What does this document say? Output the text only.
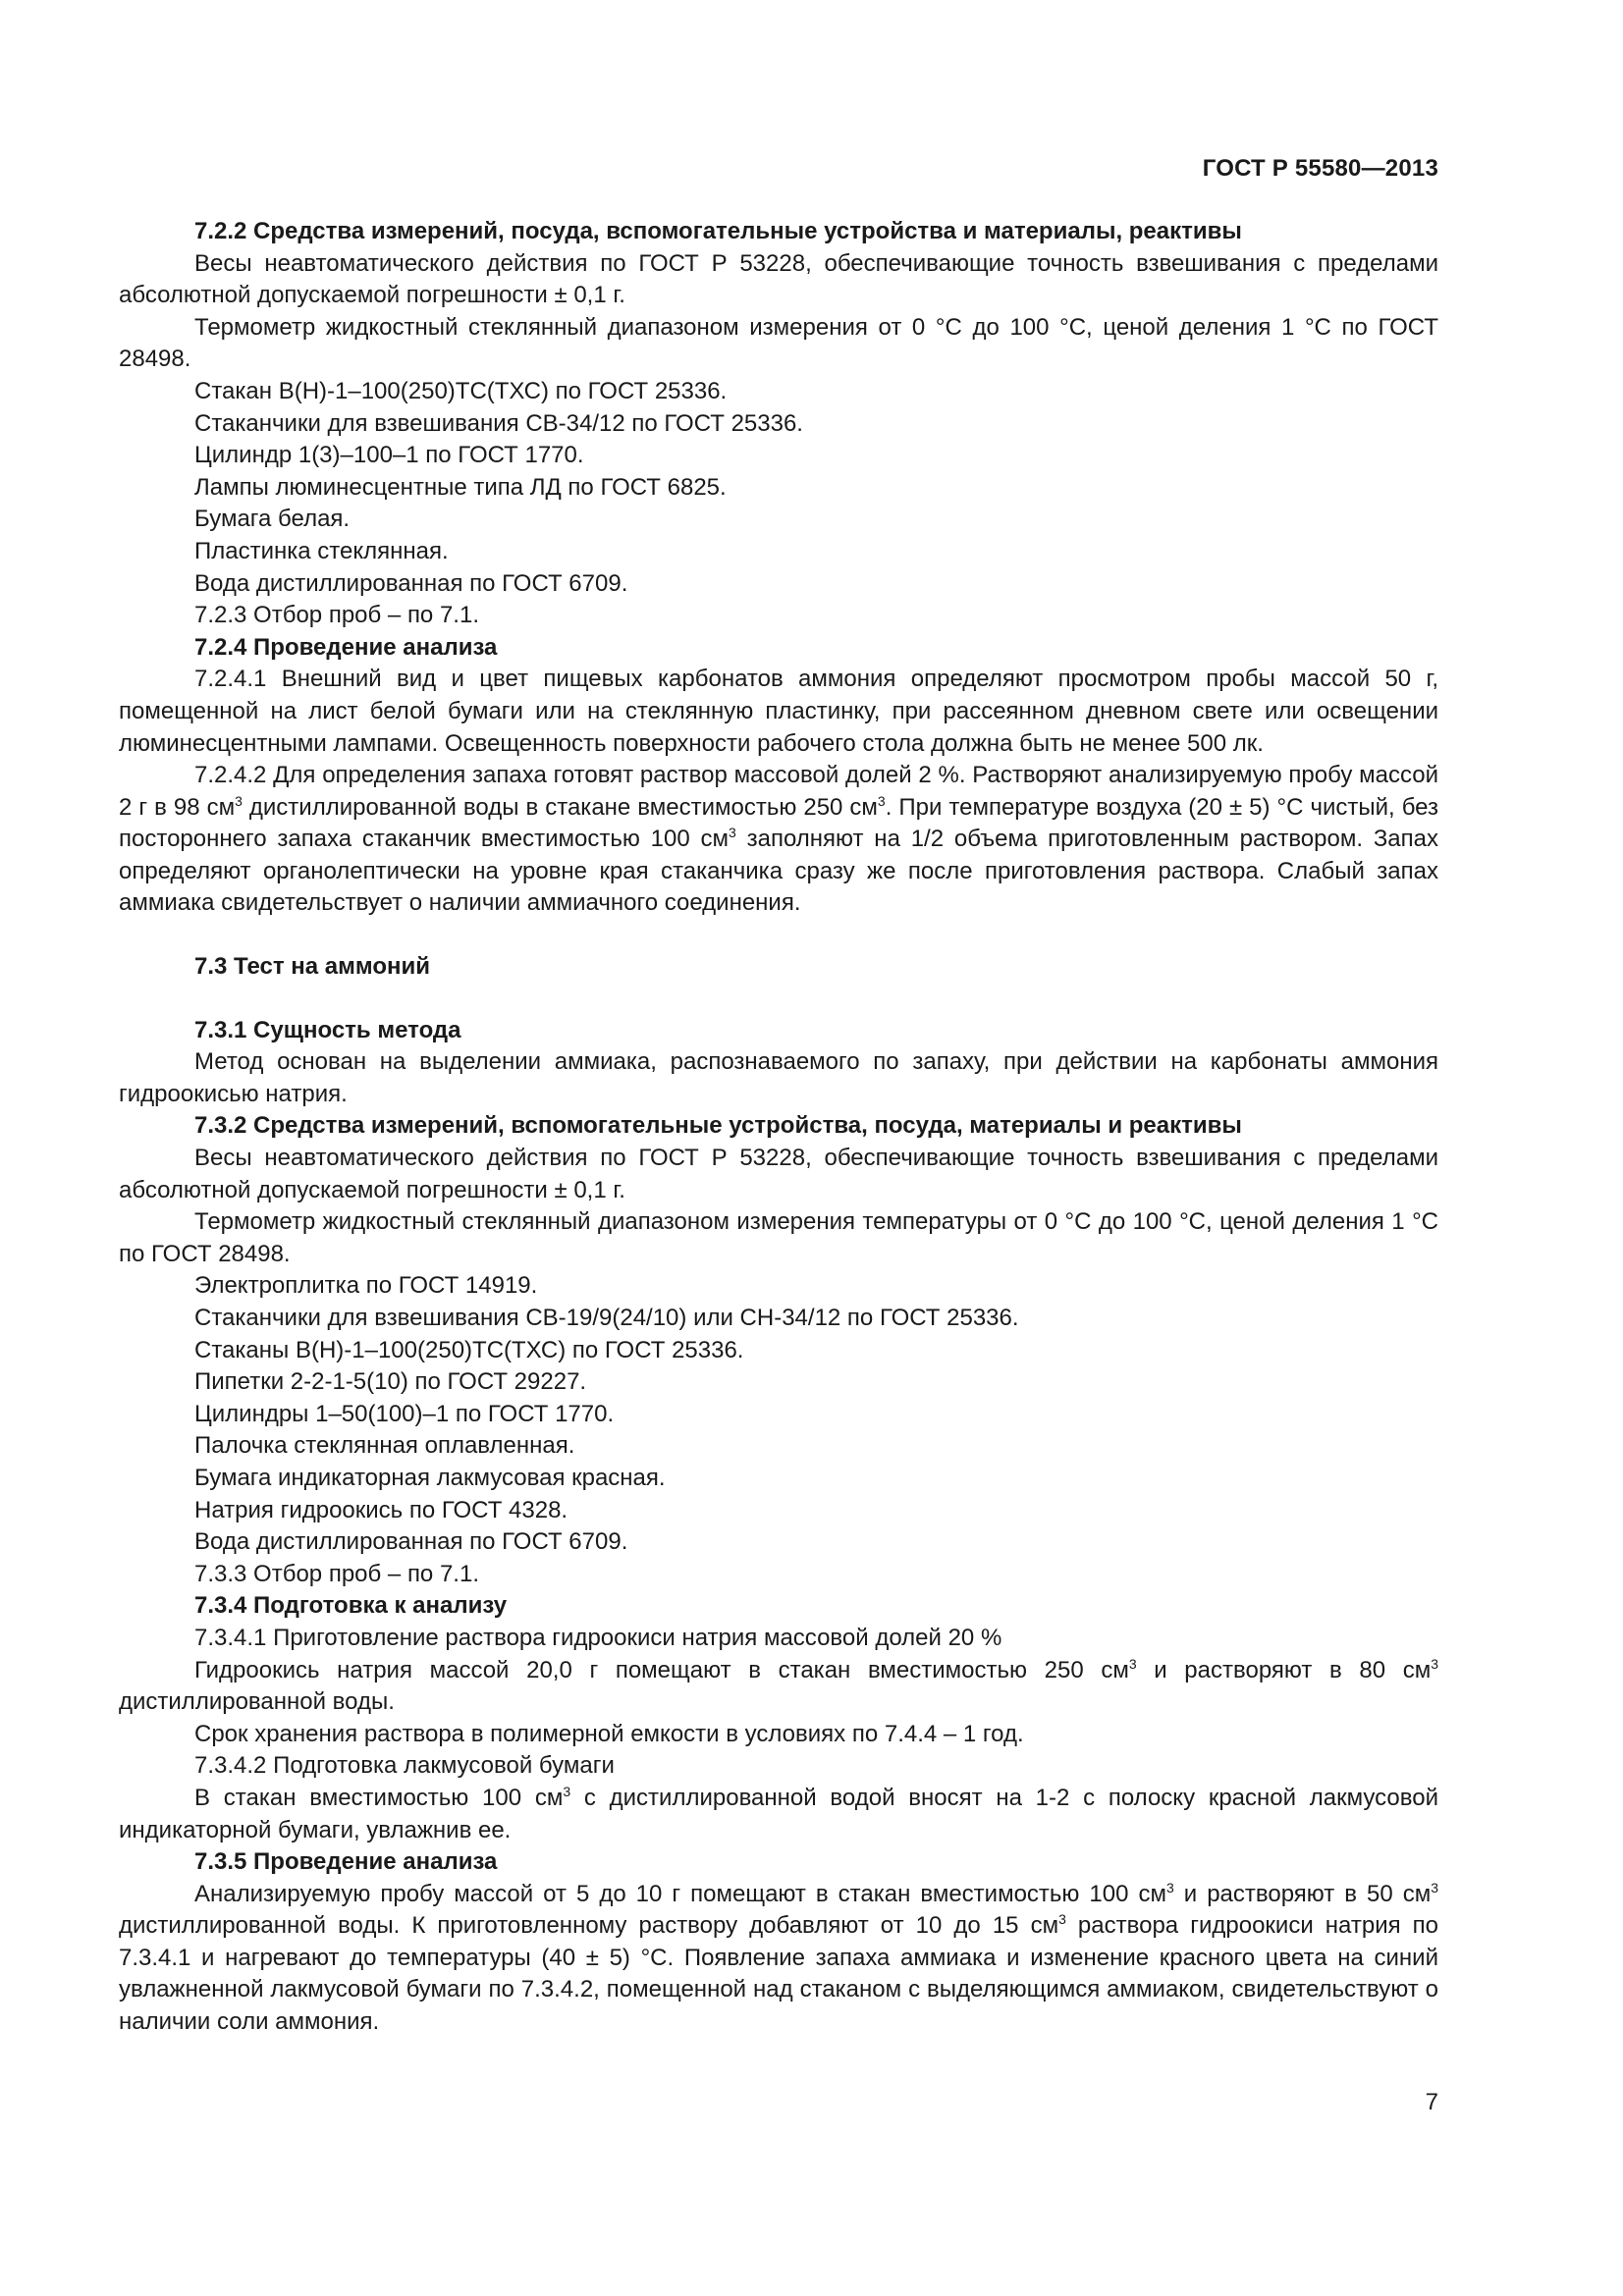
ГОСТ Р 55580—2013

7.2.2 Средства измерений, посуда, вспомогательные устройства и материалы, реактивы

Весы неавтоматического действия по ГОСТ Р 53228, обеспечивающие точность взвешивания с пределами абсолютной допускаемой погрешности ± 0,1 г.

Термометр жидкостный стеклянный диапазоном измерения от 0 °С до 100 °С, ценой деления 1 °С по ГОСТ 28498.

Стакан В(Н)-1–100(250)ТС(ТХС) по ГОСТ 25336.

Стаканчики для взвешивания СВ-34/12 по ГОСТ 25336.

Цилиндр 1(3)–100–1 по ГОСТ 1770.

Лампы люминесцентные типа ЛД по ГОСТ 6825.

Бумага белая.

Пластинка стеклянная.

Вода дистиллированная по ГОСТ 6709.

7.2.3 Отбор проб – по 7.1.

7.2.4 Проведение анализа

7.2.4.1 Внешний вид и цвет пищевых карбонатов аммония определяют просмотром пробы массой 50 г, помещенной на лист белой бумаги или на стеклянную пластинку, при рассеянном дневном свете или освещении люминесцентными лампами. Освещенность поверхности рабочего стола должна быть не менее 500 лк.

7.2.4.2 Для определения запаха готовят раствор массовой долей 2 %. Растворяют анализируемую пробу массой 2 г в 98 $см^3$ дистиллированной воды в стакане вместимостью 250 $см^3$. При температуре воздуха (20 ± 5) °С чистый, без постороннего запаха стаканчик вместимостью 100 $см^3$ заполняют на 1/2 объема приготовленным раствором. Запах определяют органолептически на уровне края стаканчика сразу же после приготовления раствора. Слабый запах аммиака свидетельствует о наличии аммиачного соединения.

7.3 Тест на аммоний

7.3.1 Сущность метода

Метод основан на выделении аммиака, распознаваемого по запаху, при действии на карбонаты аммония гидроокисью натрия.

7.3.2 Средства измерений, вспомогательные устройства, посуда, материалы и реактивы

Весы неавтоматического действия по ГОСТ Р 53228, обеспечивающие точность взвешивания с пределами абсолютной допускаемой погрешности ± 0,1 г.

Термометр жидкостный стеклянный диапазоном измерения температуры от 0 °С до 100 °С, ценой деления 1 °С по ГОСТ 28498.

Электроплитка по ГОСТ 14919.

Стаканчики для взвешивания СВ-19/9(24/10) или СН-34/12 по ГОСТ 25336.

Стаканы В(Н)-1–100(250)ТС(ТХС) по ГОСТ 25336.

Пипетки 2-2-1-5(10) по ГОСТ 29227.

Цилиндры 1–50(100)–1 по ГОСТ 1770.

Палочка стеклянная оплавленная.

Бумага индикаторная лакмусовая красная.

Натрия гидроокись по ГОСТ 4328.

Вода дистиллированная по ГОСТ 6709.

7.3.3 Отбор проб – по 7.1.

7.3.4 Подготовка к анализу

7.3.4.1 Приготовление раствора гидроокиси натрия массовой долей 20 %

Гидроокись натрия массой 20,0 г помещают в стакан вместимостью 250 $см^3$ и растворяют в 80 $см^3$ дистиллированной воды.

Срок хранения раствора в полимерной емкости в условиях по 7.4.4 – 1 год.

7.3.4.2 Подготовка лакмусовой бумаги

В стакан вместимостью 100 $см^3$ с дистиллированной водой вносят на 1-2 с полоску красной лакмусовой индикаторной бумаги, увлажнив ее.

7.3.5 Проведение анализа

Анализируемую пробу массой от 5 до 10 г помещают в стакан вместимостью 100 $см^3$ и растворяют в 50 $см^3$ дистиллированной воды. К приготовленному раствору добавляют от 10 до 15 $см^3$ раствора гидроокиси натрия по 7.3.4.1 и нагревают до температуры (40 ± 5) °С. Появление запаха аммиака и изменение красного цвета на синий увлажненной лакмусовой бумаги по 7.3.4.2, помещенной над стаканом с выделяющимся аммиаком, свидетельствуют о наличии соли аммония.

7
